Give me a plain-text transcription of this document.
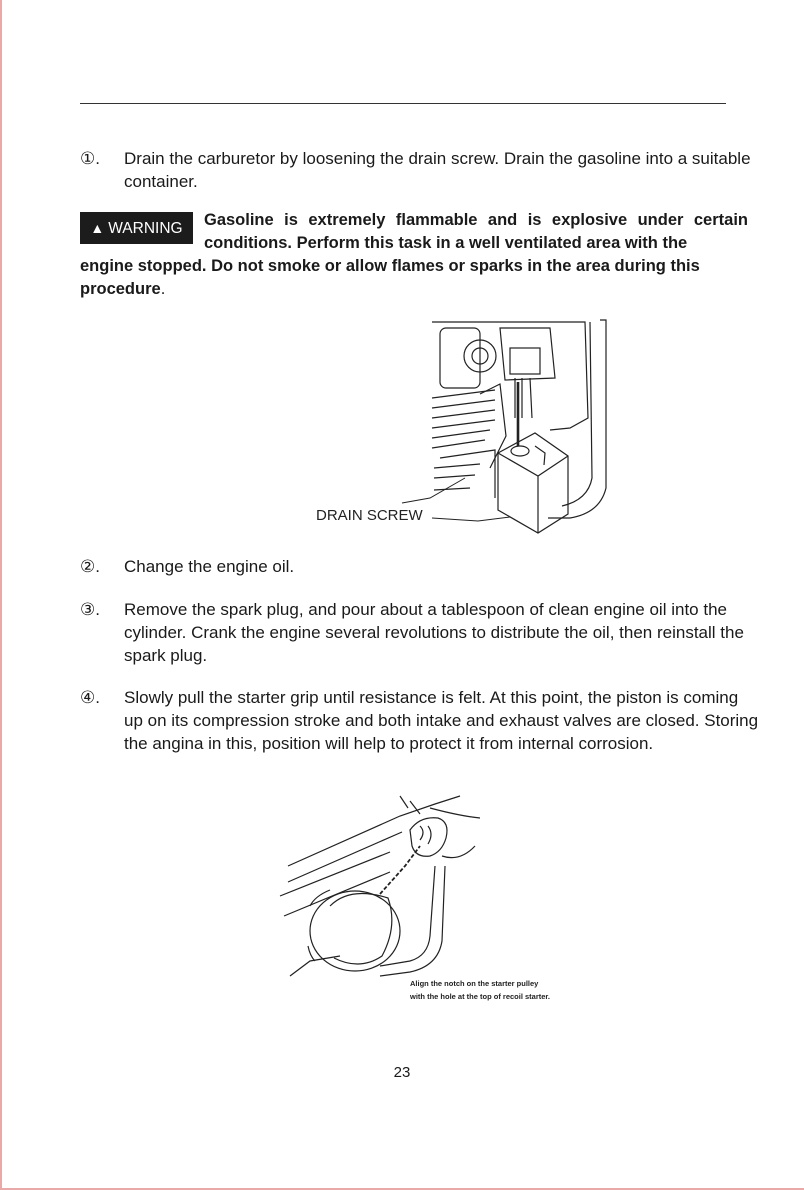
①. Drain the carburetor by loosening the drain screw. Drain the gasoline into a suitable container.
▲ WARNING Gasoline is extremely flammable and is explosive under certain conditions. Perform this task in a well ventilated area with the
engine stopped. Do not smoke or allow flames or sparks in the area during this procedure.
DRAIN SCREW
②. Change the engine oil.
③. Remove the spark plug, and pour about a tablespoon of clean engine oil into the cylinder. Crank the engine several revolutions to distribute the oil, then reinstall the spark plug.
④. Slowly pull the starter grip until resistance is felt. At this point, the piston is coming up on its compression stroke and both intake and exhaust valves are closed. Storing the angina in this, position will help to protect it from internal corrosion.
Align the notch on the starter pulley
with the hole at the top of recoil starter.
23
